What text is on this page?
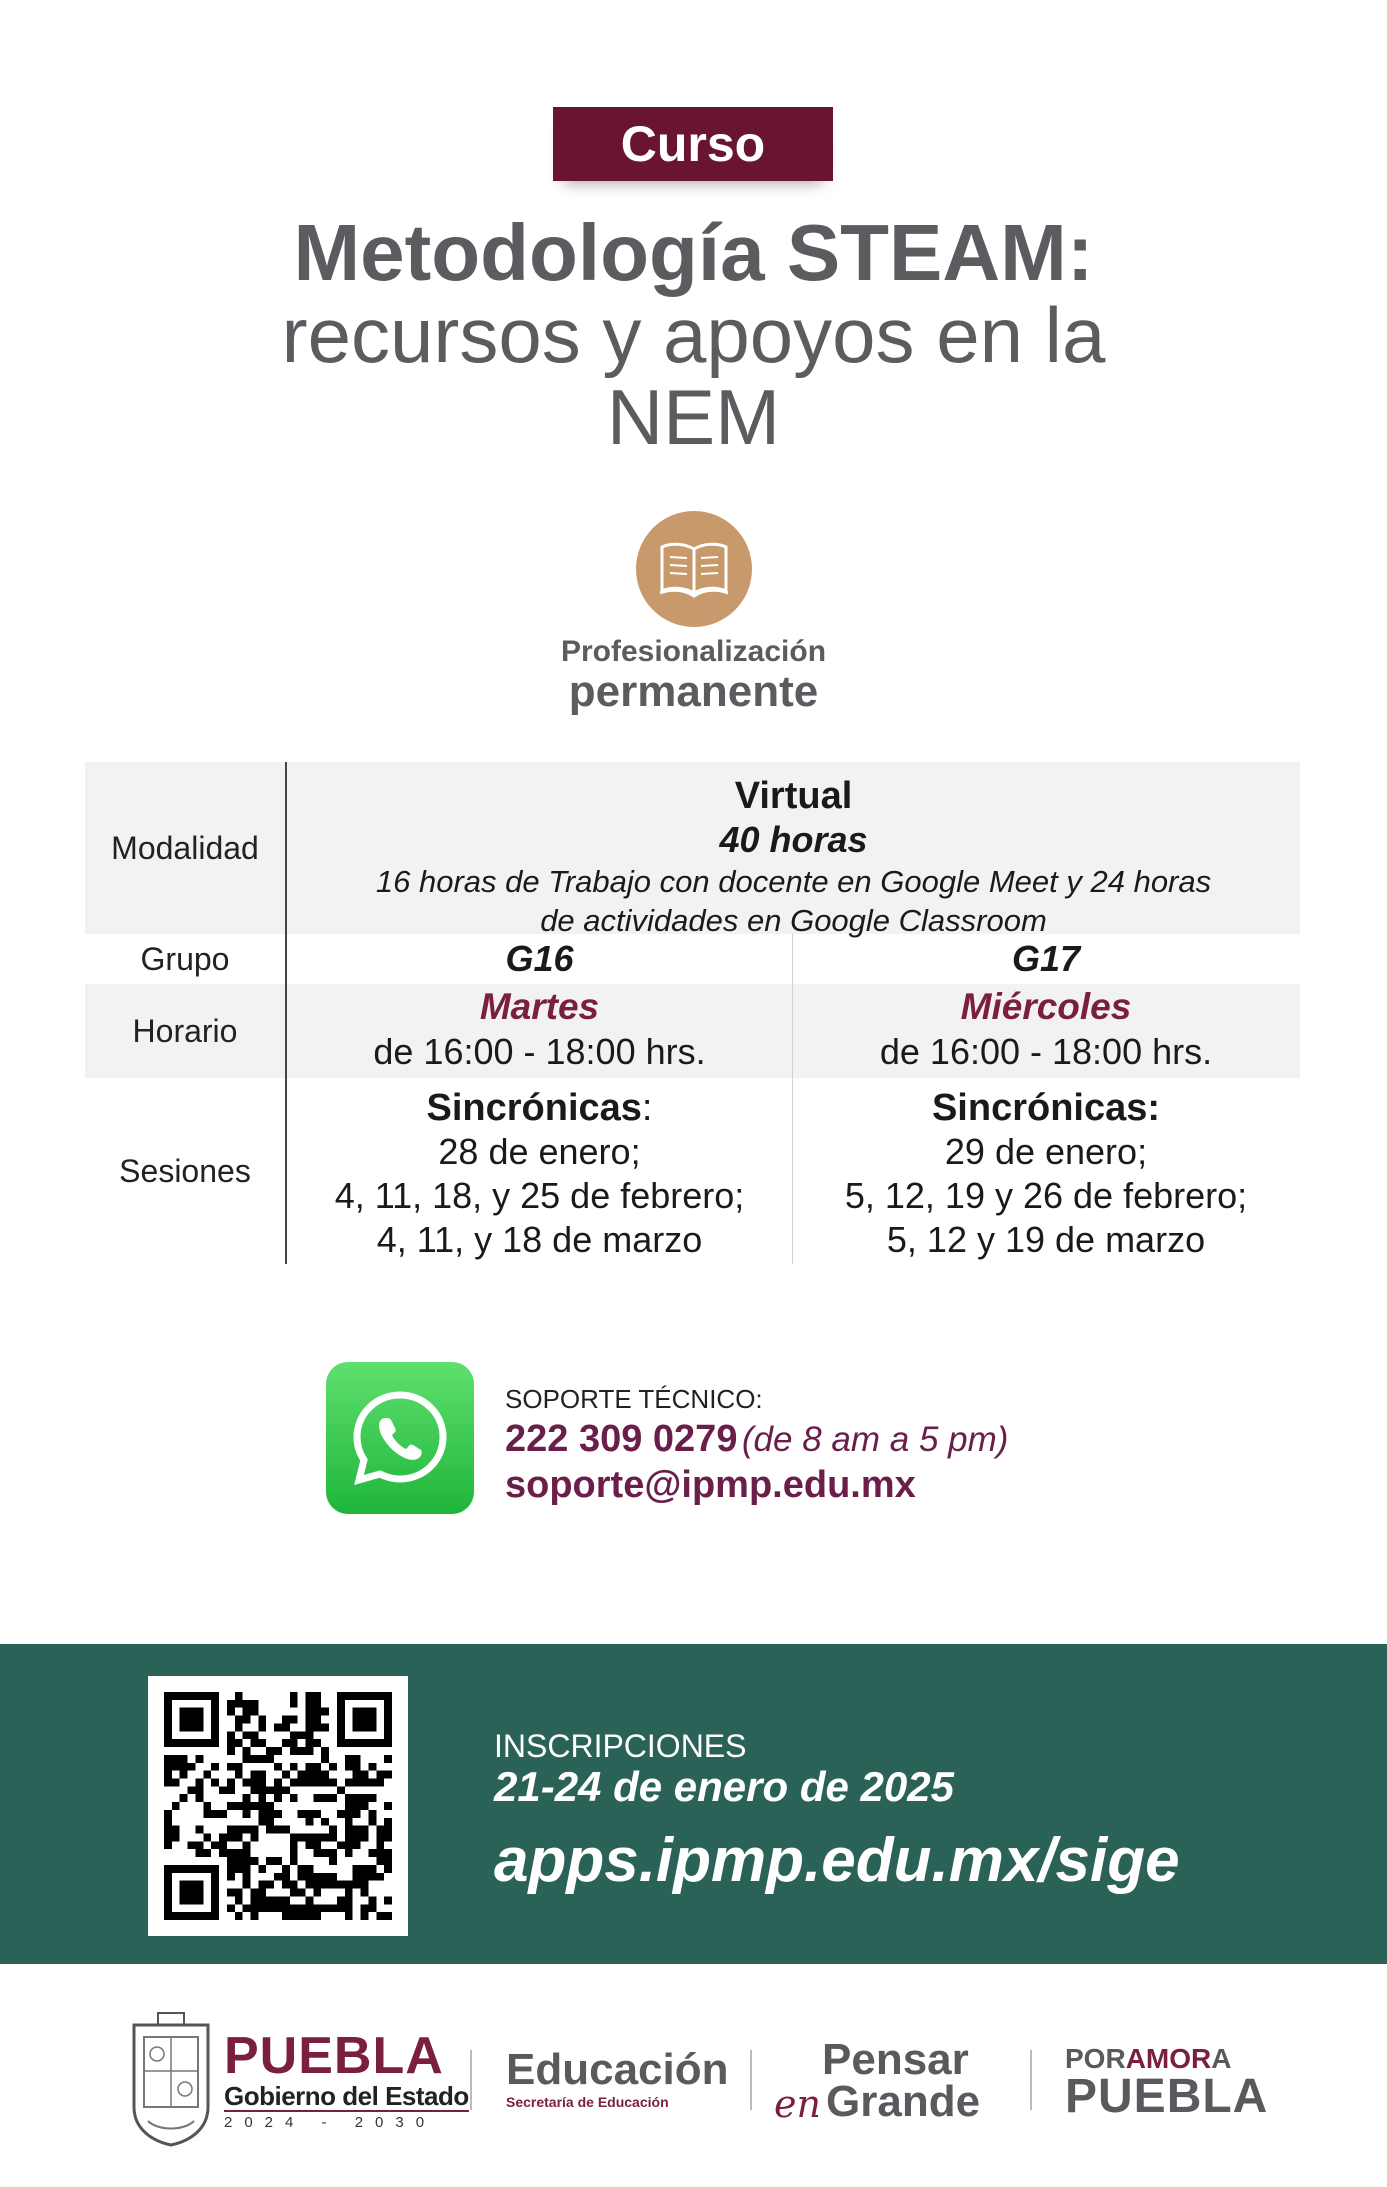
Curso
Metodología STEAM:
recursos y apoyos en la
NEM
Profesionalización
permanente
Modalidad
Virtual
40 horas
16 horas de Trabajo con docente en Google Meet y 24 horas
de actividades en Google Classroom
Grupo	G16	G17
Horario
Martes
de 16:00 - 18:00 hrs.
Miércoles
de 16:00 - 18:00 hrs.
Sesiones
Sincrónicas:
28 de enero;
4, 11, 18, y 25 de febrero;
4, 11, y 18 de marzo
Sincrónicas:
29 de enero;
5, 12, 19 y 26 de febrero;
5, 12 y 19 de marzo
SOPORTE TÉCNICO:
222 309 0279 (de 8 am a 5 pm)
soporte@ipmp.edu.mx
INSCRIPCIONES
21-24 de enero de 2025
apps.ipmp.edu.mx/sige
PUEBLA
Gobierno del Estado
2024 - 2030
Educación
Secretaría de Educación
Pensar
en Grande
PORAMORA
PUEBLA
